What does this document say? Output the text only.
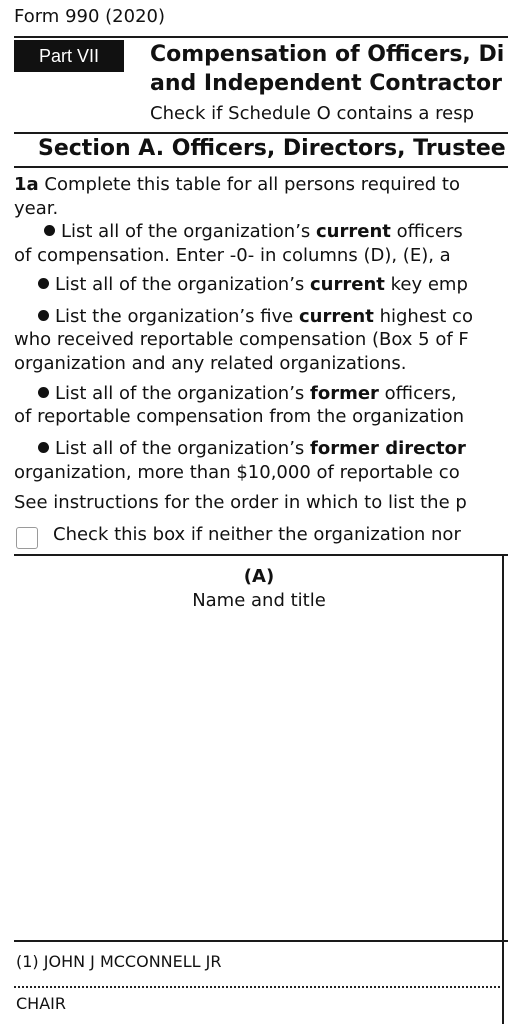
Form 990 (2020)
Part VII	Compensation of Officers, Di
and Independent Contractor
Check if Schedule O contains a resp
Section A. Officers, Directors, Trustee
1a Complete this table for all persons required to
year.
List all of the organization’s current officers
of compensation. Enter -0- in columns (D), (E), a
List all of the organization’s current key emp
List the organization’s five current highest co
who received reportable compensation (Box 5 of F
organization and any related organizations.
List all of the organization’s former officers,
of reportable compensation from the organization
List all of the organization’s former director
organization, more than $10,000 of reportable co
See instructions for the order in which to list the p
Check this box if neither the organization nor
(A)
Name and title
(1) JOHN J MCCONNELL JR
CHAIR
